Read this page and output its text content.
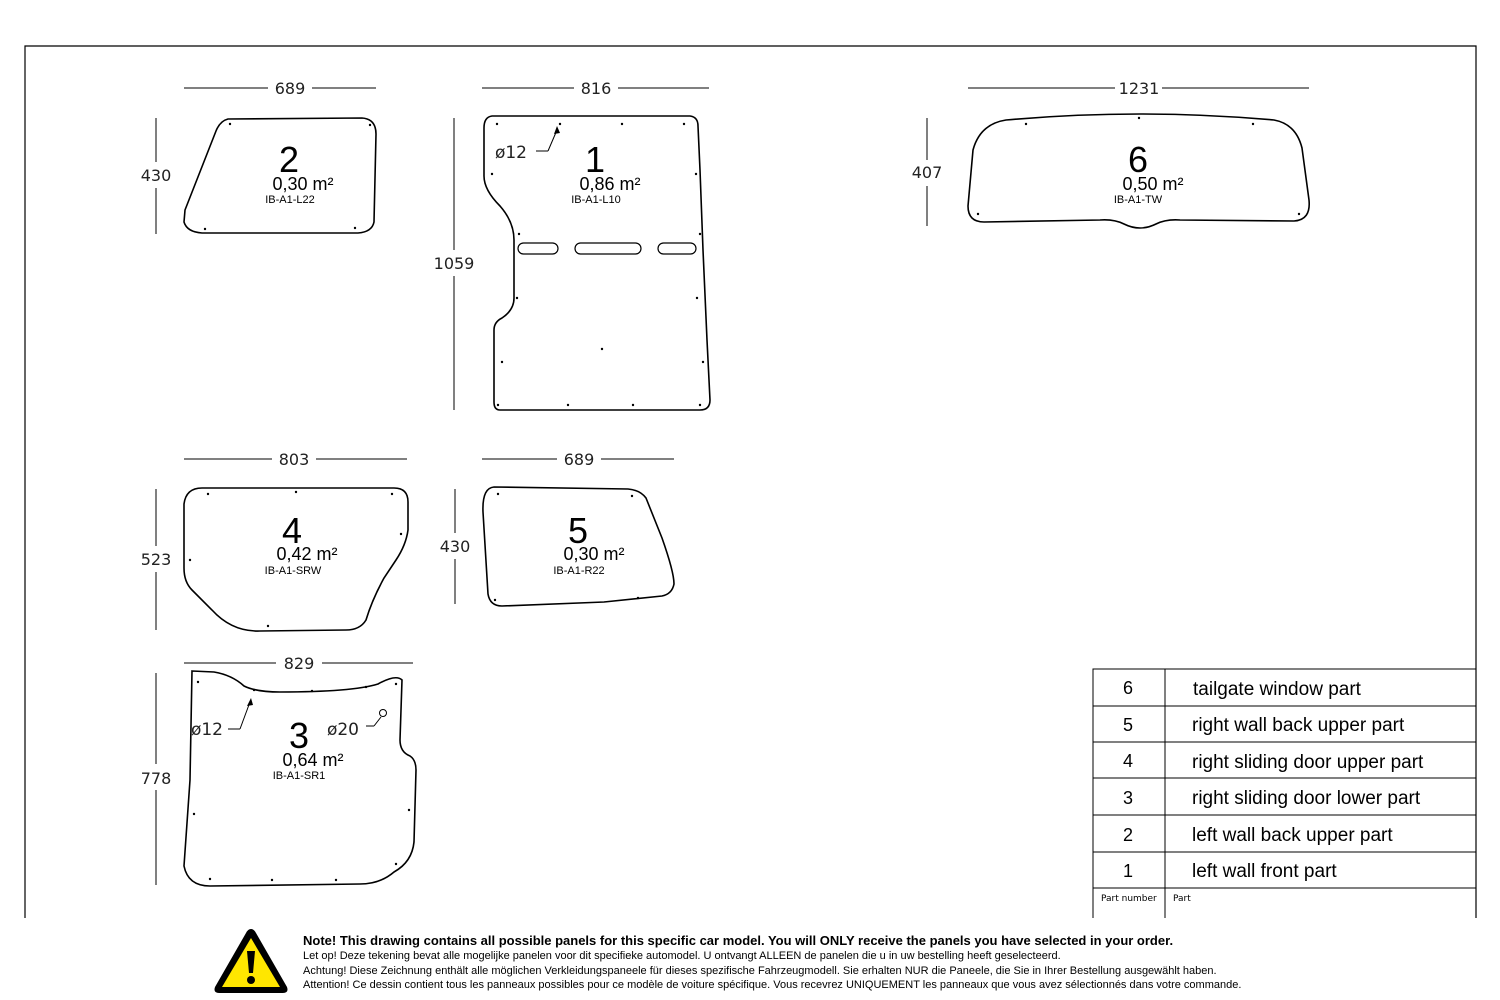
689
430	2
0,30 m²
IB-A1-L22
816
1059
ø12 1
0,86 m²
IB-A1-L10
1231
407	6
0,50 m²
IB-A1-TW
803
523
4
0,42 m²
IB-A1-SRW
689
430	5
0,30 m²
IB-A1-R22
829
778
ø12	ø20
3
0,64 m²
IB-A1-SR1
6	tailgate window part
5	right wall back upper part
4	right sliding door upper part
3	right sliding door lower part
2	left wall back upper part
1	left wall front part
Part number Part
Note! This drawing contains all possible panels for this specific car model. You will ONLY receive the panels you have selected in your order.
Let op! Deze tekening bevat alle mogelijke panelen voor dit specifieke automodel. U ontvangt ALLEEN de panelen die u in uw bestelling heeft geselecteerd.
Achtung! Diese Zeichnung enthält alle möglichen Verkleidungspaneele für dieses spezifische Fahrzeugmodell. Sie erhalten NUR die Paneele, die Sie in Ihrer Bestellung ausgewählt haben.
Attention! Ce dessin contient tous les panneaux possibles pour ce modèle de voiture spécifique. Vous recevrez UNIQUEMENT les panneaux que vous avez sélectionnés dans votre commande.
